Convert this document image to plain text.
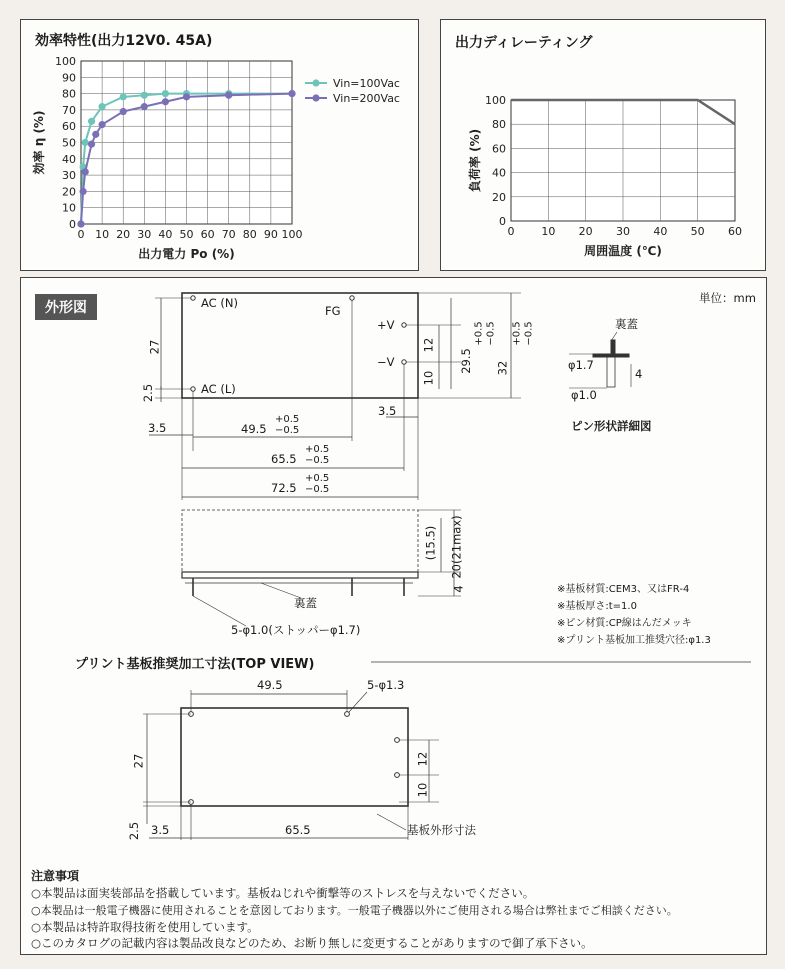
効率特性(出力12V0. 45A)
0 10 20 30 40 50 60 70 80 90 100
0
10
20
30
40
50
60
70
80
90
100
出力電力 Po (%)
効率 η (%)
Vin=100Vac
Vin=200Vac
出力ディレーティング
0 10 20 30 40 50 60
0
20
40
60
80
100
周囲温度 (℃)
負荷率 (%)
外形図
単位：mm
AC (N)
AC (L)
FG
+V
−V
27
2.5
12
10
29.5
+0.5 −0.5
32
+0.5 −0.5
3.5
3.5
49.5
+0.5
−0.5
65.5
+0.5
−0.5
72.5
+0.5
−0.5
(15.5) 20(21max)
4
裏蓋
5-φ1.0(ストッパーφ1.7)
裏蓋
φ1.7
φ1.0
4
ピン形状詳細図
※基板材質:CEM3、又はFR-4
※基板厚さ:t=1.0
※ピン材質:CP線はんだメッキ
※プリント基板加工推奨穴径:φ1.3
プリント基板推奨加工寸法(TOP VIEW)
49.5	5-φ1.3
27	12
10
2.5 3.5	65.5	基板外形寸法
注意事項
○本製品は面実装部品を搭載しています。基板ねじれや衝撃等のストレスを与えないでください。
○本製品は一般電子機器に使用されることを意図しております。一般電子機器以外にご使用される場合は弊社までご相談ください。
○本製品は特許取得技術を使用しています。
○このカタログの記載内容は製品改良などのため、お断り無しに変更することがありますので御了承下さい。
